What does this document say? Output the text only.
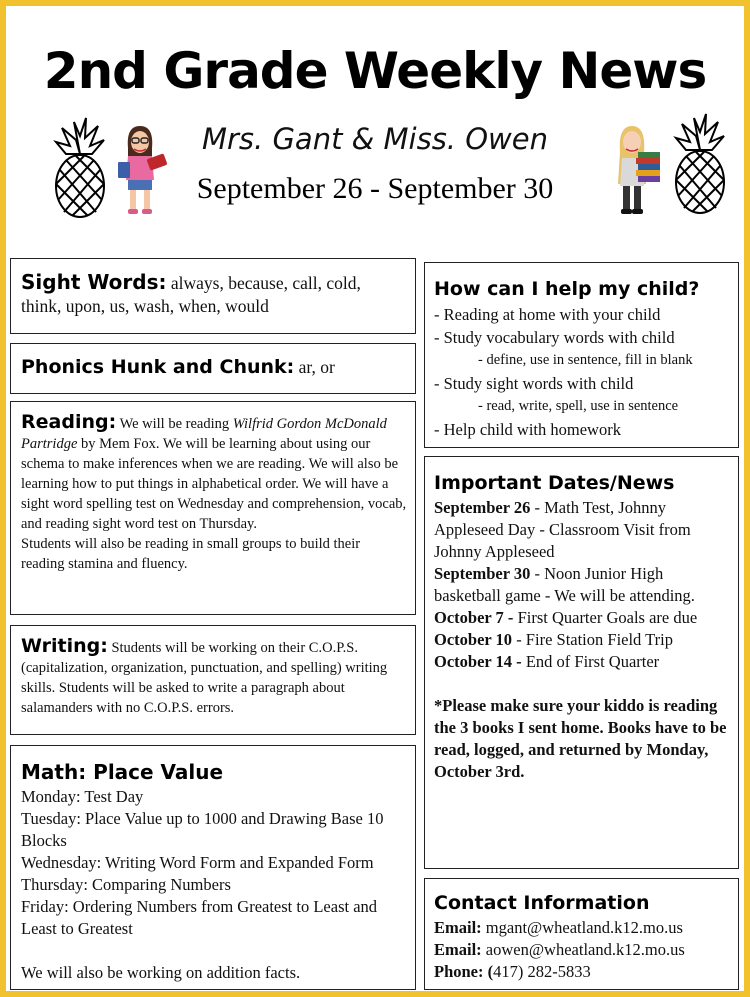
2nd Grade Weekly News
Mrs. Gant & Miss. Owen
September 26 - September 30
Sight Words: always, because, call, cold, think, upon, us, wash, when, would
Phonics Hunk and Chunk: ar, or
Reading: We will be reading Wilfrid Gordon McDonald Partridge by Mem Fox. We will be learning about using our schema to make inferences when we are reading. We will also be learning how to put things in alphabetical order. We will have a sight word spelling test on Wednesday and comprehension, vocab, and reading sight word test on Thursday.
Students will also be reading in small groups to build their reading stamina and fluency.
Writing: Students will be working on their C.O.P.S. (capitalization, organization, punctuation, and spelling) writing skills. Students will be asked to write a paragraph about salamanders with no C.O.P.S. errors.
Math: Place Value
Monday: Test Day
Tuesday: Place Value up to 1000 and Drawing Base 10 Blocks
Wednesday: Writing Word Form and Expanded Form
Thursday: Comparing Numbers
Friday: Ordering Numbers from Greatest to Least and Least to Greatest
We will also be working on addition facts.
How can I help my child?
- Reading at home with your child
- Study vocabulary words with child
- define, use in sentence, fill in blank
- Study sight words with child
- read, write, spell, use in sentence
- Help child with homework
Important Dates/News
September 26 - Math Test, Johnny Appleseed Day - Classroom Visit from Johnny Appleseed
September 30 - Noon Junior High basketball game - We will be attending.
October 7 - First Quarter Goals are due
October 10 - Fire Station Field Trip
October 14 - End of First Quarter
*Please make sure your kiddo is reading the 3 books I sent home. Books have to be read, logged, and returned by Monday, October 3rd.
Contact Information
Email: mgant@wheatland.k12.mo.us
Email: aowen@wheatland.k12.mo.us
Phone: (417) 282-5833
